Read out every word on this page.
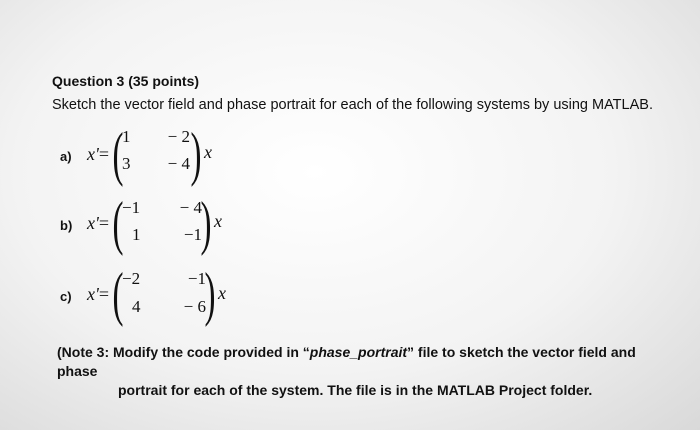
Question 3 (35 points)
Sketch the vector field and phase portrait for each of the following systems by using MATLAB.
a) x'= (
1	− 2
3	− 4 ) x
b) x'= (
−1	− 4
1	−1
) x
c) x'= (
−2	−1
4	− 6
) x
(Note 3: Modify the code provided in “phase_portrait” file to sketch the vector field and phase
portrait for each of the system. The file is in the MATLAB Project folder.
